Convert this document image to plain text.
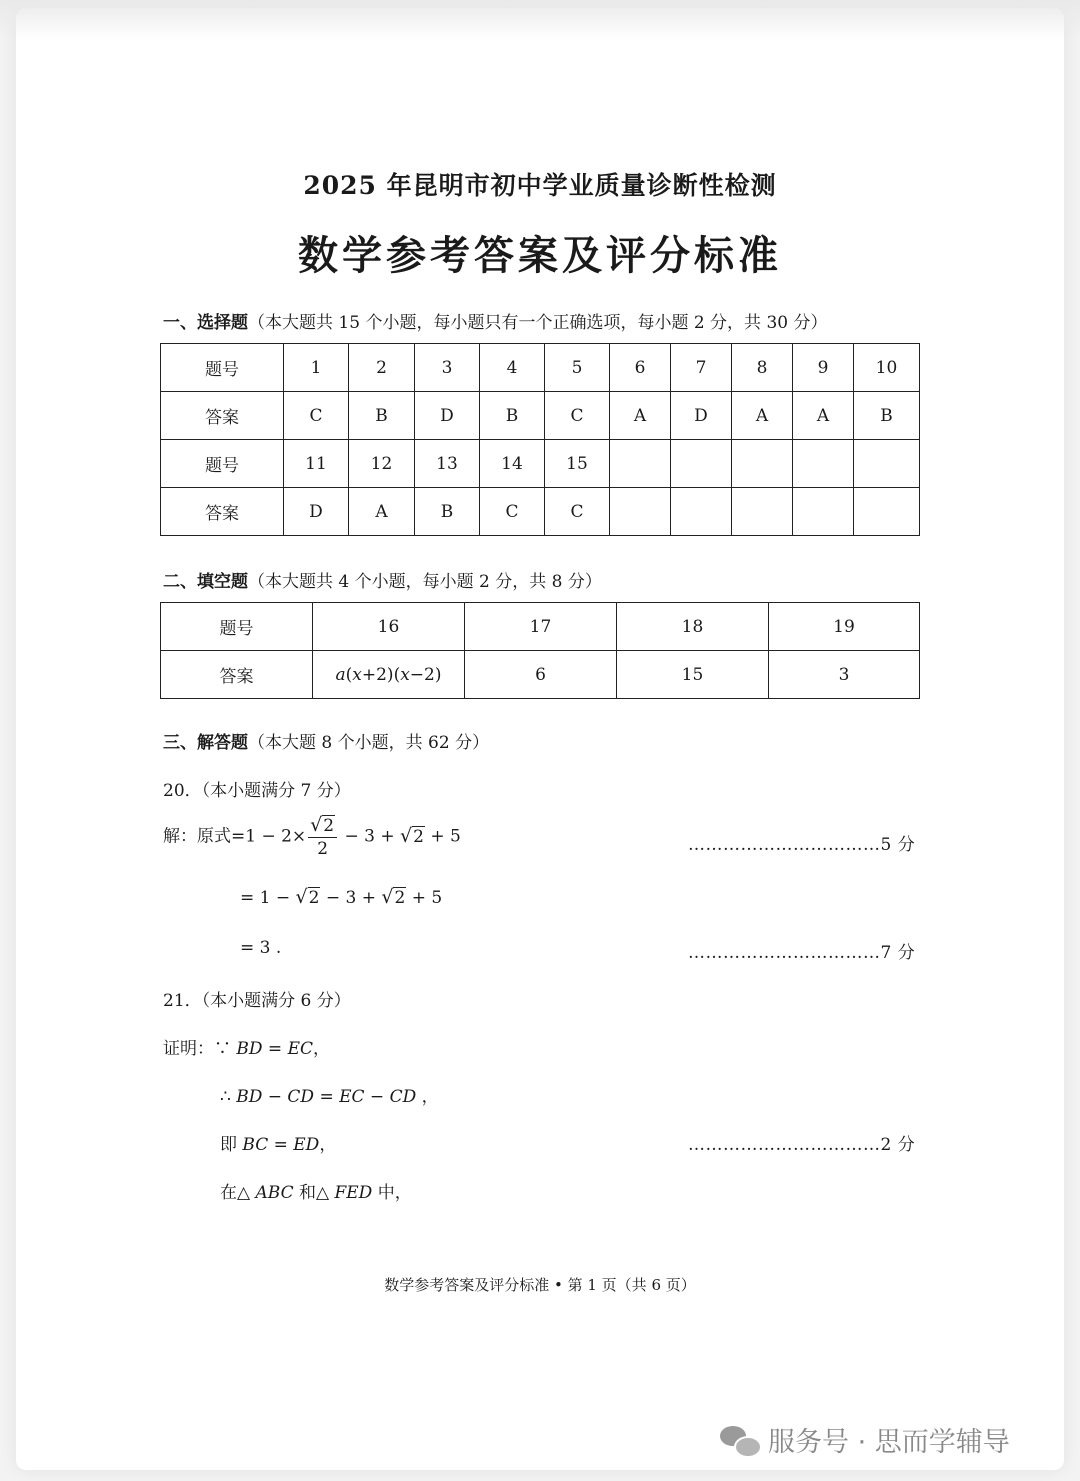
2025 年昆明市初中学业质量诊断性检测
数学参考答案及评分标准
一、选择题（本大题共 15 个小题，每小题只有一个正确选项，每小题 2 分，共 30 分）
题号	1	2	3	4	5	6	7	8	9	10
答案	C	B	D	B	C	A	D	A	A	B
题号	11	12	13	14	15					
答案	D	A	B	C	C					
二、填空题（本大题共 4 个小题，每小题 2 分，共 8 分）
题号	16	17	18	19
答案	a(x+2)(x−2)	6	15	3
三、解答题（本大题 8 个小题，共 62 分）
20．（本小题满分 7 分）
解：原式$=1 - 2\times \frac{√2}{2} - 3 + √2 + 5$	……………………………5 分
= 1 − √2 − 3 + √2 + 5
= 3 .	……………………………7 分
21．（本小题满分 6 分）
证明：∵ BD = EC，
∴ BD − CD = EC − CD ，
即 BC = ED，	……………………………2 分
在△ ABC 和△ FED 中，
数学参考答案及评分标准 • 第 1 页（共 6 页）
服务号 · 思而学辅导
